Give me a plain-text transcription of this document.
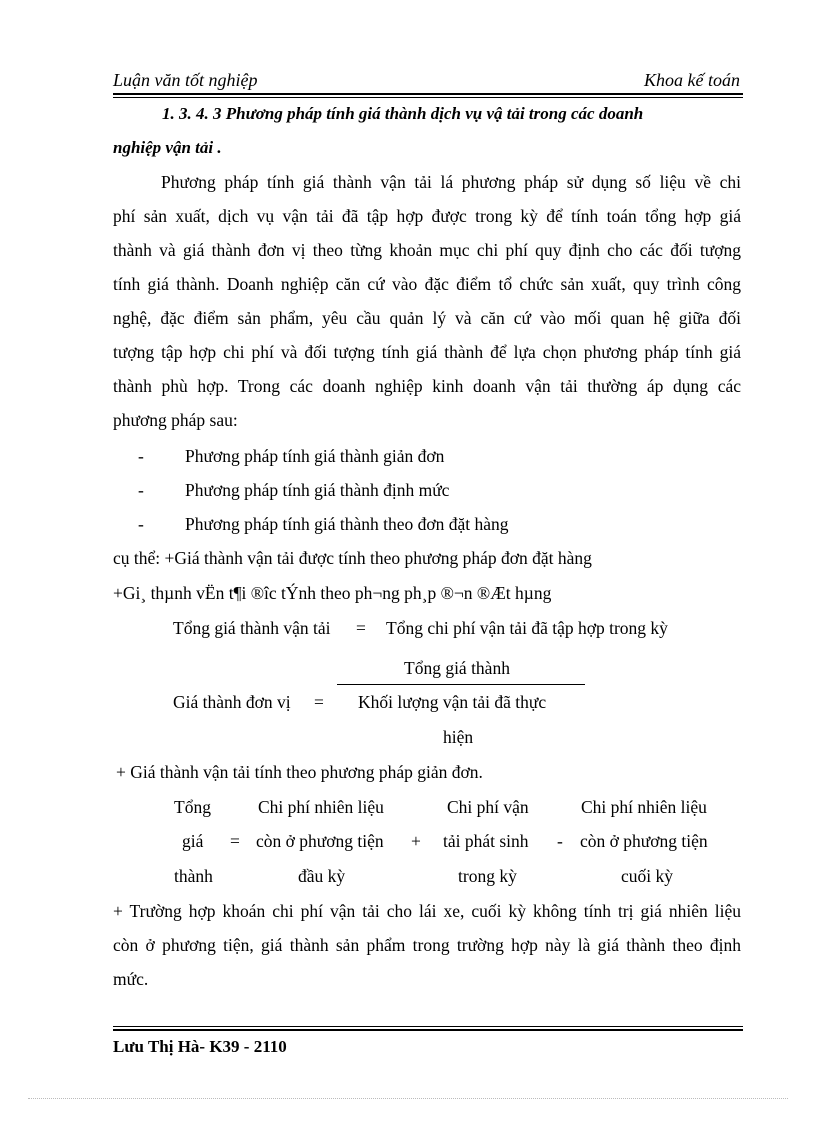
Luận văn tốt nghiệp	Khoa kế toán
1. 3. 4. 3 Phương pháp tính giá thành dịch vụ vậ tải trong các doanh
nghiệp vận tải .
Phương pháp tính giá thành vận tải lá phương pháp sử dụng số liệu về chi
phí sản xuất, dịch vụ vận tải đã tập hợp được trong kỳ để tính toán tổng hợp giá
thành và giá thành đơn vị theo từng khoản mục chi phí quy định cho các đối tượng
tính giá thành. Doanh nghiệp căn cứ vào đặc điểm tổ chức sản xuất, quy trình công
nghệ, đặc điểm sản phẩm, yêu cầu quản lý và căn cứ vào mối quan hệ giữa đối
tượng tập hợp chi phí và đối tượng tính giá thành để lựa chọn phương pháp tính giá
thành phù hợp. Trong các doanh nghiệp kinh doanh vận tải thường áp dụng các
phương pháp sau:
- Phương pháp tính giá thành giản đơn
- Phương pháp tính giá thành định mức
- Phương pháp tính giá thành theo đơn đặt hàng
cụ thể: +Giá thành vận tải được tính theo phương pháp đơn đặt hàng
+Gi¸ thµnh vËn t¶i ®îc tÝnh theo ph¬ng ph¸p ®¬n ®Æt hµng
Tổng giá thành vận tải = Tổng chi phí vận tải đã tập hợp trong kỳ
Tổng giá thành
Giá thành đơn vị = Khối lượng vận tải đã thực
hiện
+ Giá thành vận tải tính theo phương pháp giản đơn.
Tổng
giá
thành
=
Chi phí nhiên liệu
còn ở phương tiện
đầu kỳ
+
Chi phí vận
tải phát sinh
trong kỳ
-
Chi phí nhiên liệu
còn ở phương tiện
cuối kỳ
+ Trường hợp khoán chi phí vận tải cho lái xe, cuối kỳ không tính trị giá nhiên liệu
còn ở phương tiện, giá thành sản phẩm trong trường hợp này là giá thành theo định
mức.
Lưu Thị Hà- K39 - 2110
